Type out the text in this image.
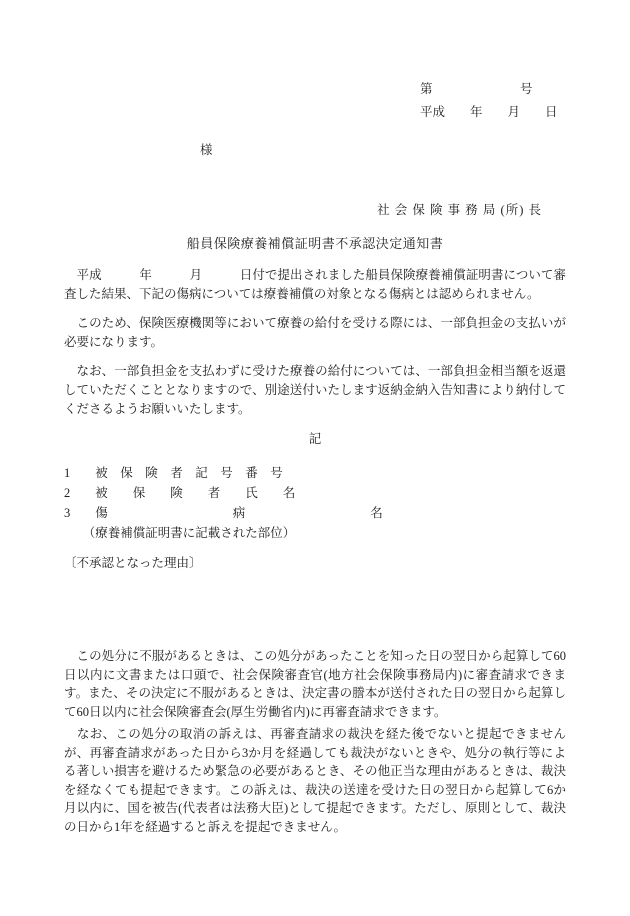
第　　　　　　　号
平成　　年　　月　　日
様
社 会 保 険 事 務 局 (所) 長
船員保険療養補償証明書不承認決定通知書

　平成　　　年　　　月　　　日付で提出されました船員保険療養補償証明書について審査した結果、下記の傷病については療養補償の対象となる傷病とは認められません。

　このため、保険医療機関等において療養の給付を受ける際には、一部負担金の支払いが必要になります。

　なお、一部負担金を支払わずに受けた療養の給付については、一部負担金相当額を返還していただくこととなりますので、別途送付いたします返納金納入告知書により納付してくださるようお願いいたします。

記
1　　被　保　険　者　記　号　番　号
2　　被　　保　　険　　者　　氏　　名
3　　傷　　　　　　　　　　病　　　　　　　　　　名
　　（療養補償証明書に記載された部位）
〔不承認となった理由〕

　この処分に不服があるときは、この処分があったことを知った日の翌日から起算して60日以内に文書または口頭で、社会保険審査官(地方社会保険事務局内)に審査請求できます。また、その決定に不服があるときは、決定書の謄本が送付された日の翌日から起算して60日以内に社会保険審査会(厚生労働省内)に再審査請求できます。

　なお、この処分の取消の訴えは、再審査請求の裁決を経た後でないと提起できませんが、再審査請求があった日から3か月を経過しても裁決がないときや、処分の執行等による著しい損害を避けるため緊急の必要があるとき、その他正当な理由があるときは、裁決を経なくても提起できます。この訴えは、裁決の送達を受けた日の翌日から起算して6か月以内に、国を被告(代表者は法務大臣)として提起できます。ただし、原則として、裁決の日から1年を経過すると訴えを提起できません。
